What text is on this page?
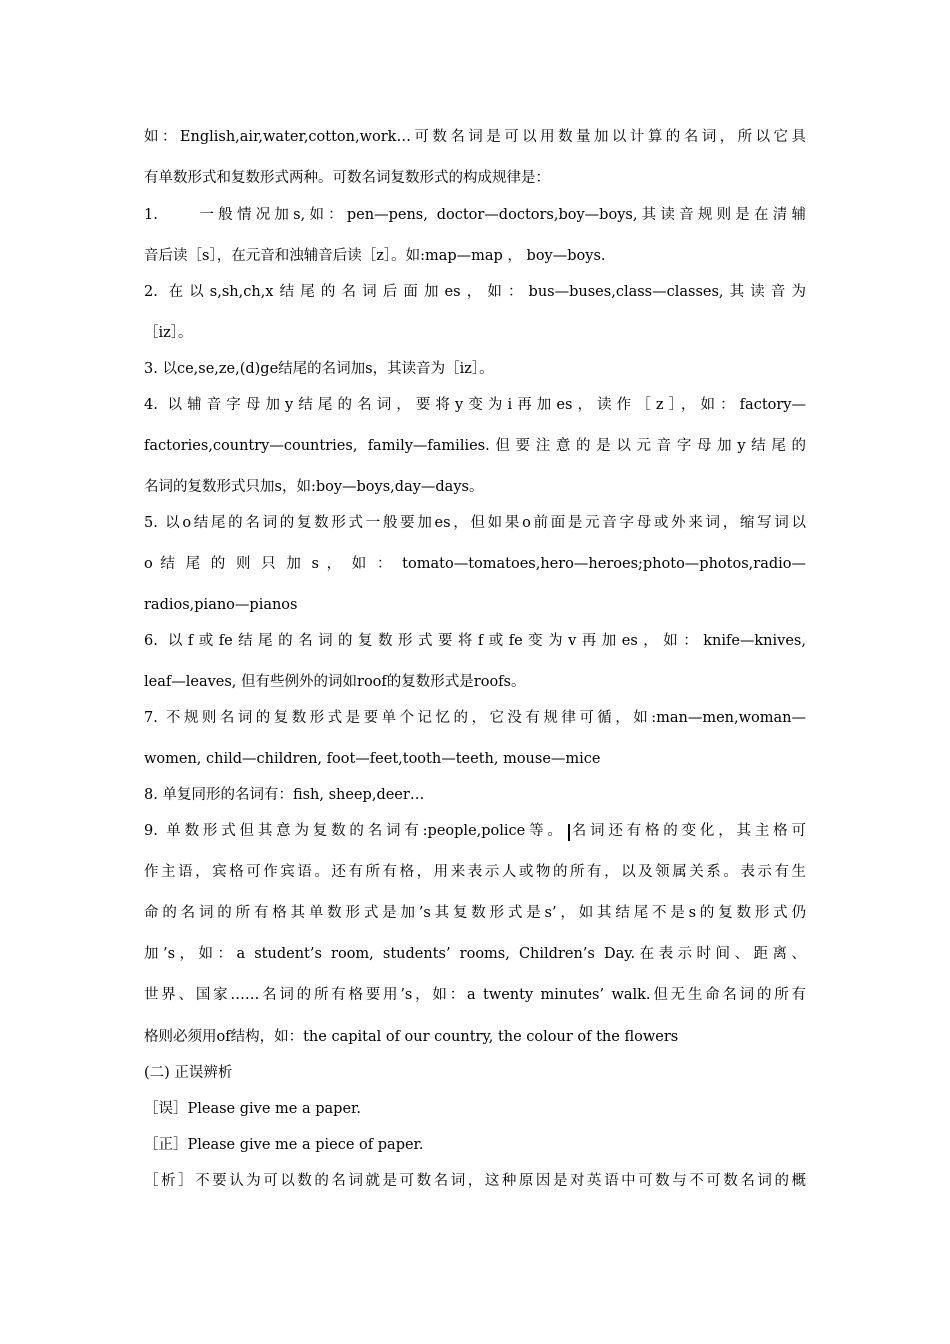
如：English,air,water,cotton,work…可数名词是可以用数量加以计算的名词，所以它具
有单数形式和复数形式两种。可数名词复数形式的构成规律是：
1.　　一般情况加s,如：pen—pens, doctor—doctors,boy—boys,其读音规则是在清辅
音后读［s］，在元音和浊辅音后读［z］。如:map—map ， boy—boys.
2. 在以s,sh,ch,x结尾的名词后面加es，如：bus—buses,class—classes,其读音为
［iz］。
3. 以ce,se,ze,(d)ge结尾的名词加s，其读音为［iz］。
4. 以辅音字母加y结尾的名词，要将y变为i再加es，读作［z］，如：factory—
factories,country—countries, family—families.但要注意的是以元音字母加y结尾的
名词的复数形式只加s，如:boy—boys,day—days。
5. 以o结尾的名词的复数形式一般要加es，但如果o前面是元音字母或外来词，缩写词以
o 结 尾 的 则 只 加 s ， 如 ： tomato—tomatoes,hero—heroes;photo—photos,radio—
radios,piano—pianos
6. 以f或fe结尾的名词的复数形式要将f或fe变为v再加es，如：knife—knives,
leaf—leaves, 但有些例外的词如roof的复数形式是roofs。
7. 不规则名词的复数形式是要单个记忆的，它没有规律可循，如:man—men,woman—
women, child—children, foot—feet,tooth—teeth, mouse—mice
8. 单复同形的名词有：fish, sheep,deer…
9. 单数形式但其意为复数的名词有:people,police等。 名词还有格的变化，其主格可
作主语，宾格可作宾语。还有所有格，用来表示人或物的所有，以及领属关系。表示有生
命的名词的所有格其单数形式是加’s其复数形式是s’，如其结尾不是s的复数形式仍
加’s，如：a student’s room, students’ rooms, Children’s Day.在表示时间、距离、
世界、国家……名词的所有格要用’s，如：a twenty minutes’ walk.但无生命名词的所有
格则必须用of结构，如：the capital of our country, the colour of the flowers
(二) 正误辨析
［误］Please give me a paper.
［正］Please give me a piece of paper.
［析］不要认为可以数的名词就是可数名词，这种原因是对英语中可数与不可数名词的概
